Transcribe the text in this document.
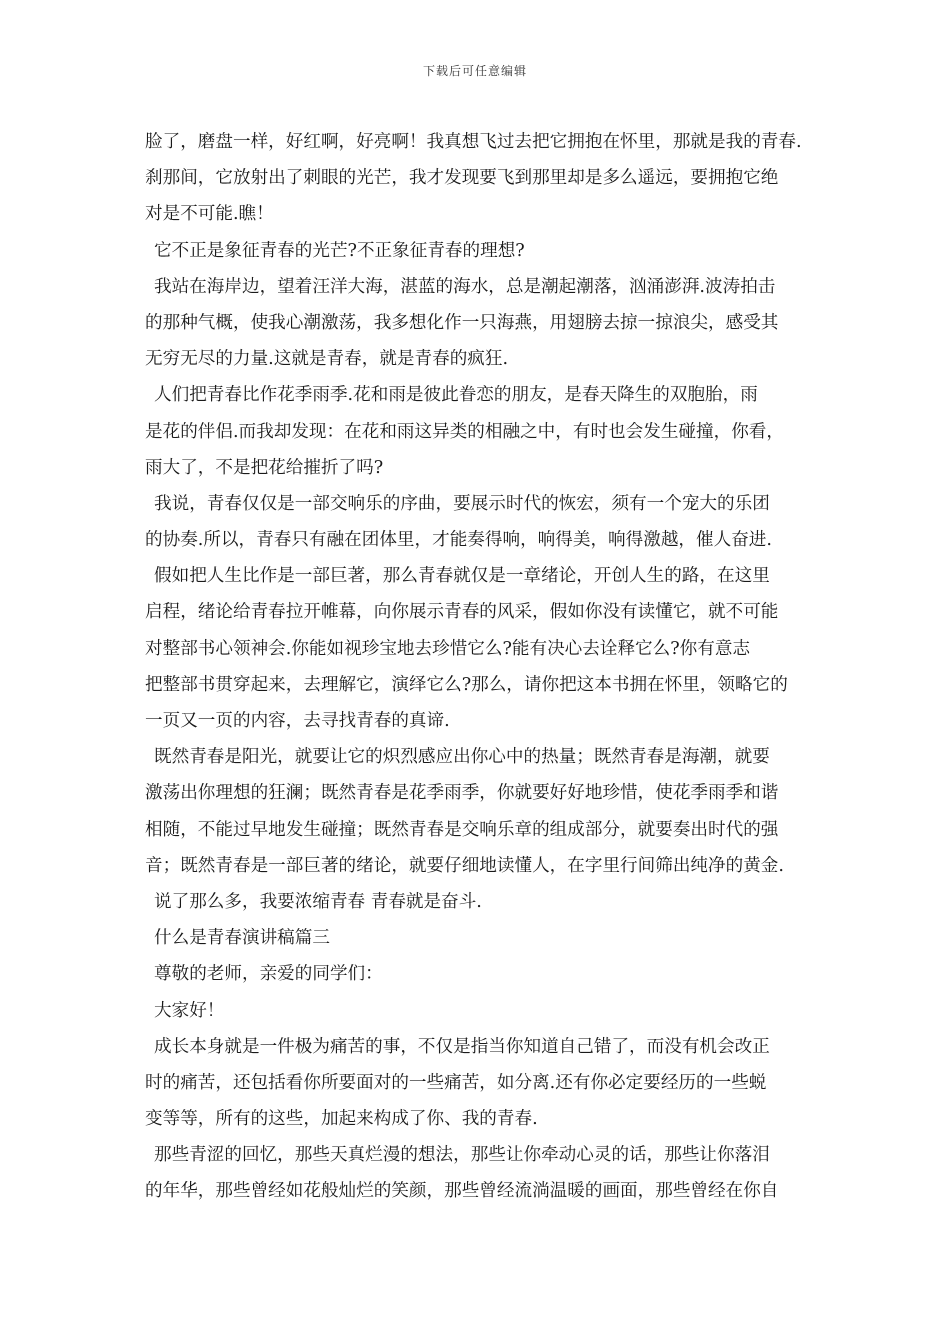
下载后可任意编辑
脸了，磨盘一样，好红啊，好亮啊！我真想飞过去把它拥抱在怀里，那就是我的青春.
刹那间，它放射出了刺眼的光芒，我才发现要飞到那里却是多么遥远，要拥抱它绝
对是不可能.瞧！
它不正是象征青春的光芒?不正象征青春的理想?
我站在海岸边，望着汪洋大海，湛蓝的海水，总是潮起潮落，汹涌澎湃.波涛拍击
的那种气概，使我心潮激荡，我多想化作一只海燕，用翅膀去掠一掠浪尖，感受其
无穷无尽的力量.这就是青春，就是青春的疯狂.
人们把青春比作花季雨季.花和雨是彼此眷恋的朋友，是春天降生的双胞胎，雨
是花的伴侣.而我却发现：在花和雨这异类的相融之中，有时也会发生碰撞，你看，
雨大了，不是把花给摧折了吗?
我说，青春仅仅是一部交响乐的序曲，要展示时代的恢宏，须有一个宠大的乐团
的协奏.所以，青春只有融在团体里，才能奏得响，响得美，响得激越，催人奋进.
假如把人生比作是一部巨著，那么青春就仅是一章绪论，开创人生的路，在这里
启程，绪论给青春拉开帷幕，向你展示青春的风采，假如你没有读懂它，就不可能
对整部书心领神会.你能如视珍宝地去珍惜它么?能有决心去诠释它么?你有意志
把整部书贯穿起来，去理解它，演绎它么?那么，请你把这本书拥在怀里，领略它的
一页又一页的内容，去寻找青春的真谛.
既然青春是阳光，就要让它的炽烈感应出你心中的热量；既然青春是海潮，就要
激荡出你理想的狂澜；既然青春是花季雨季，你就要好好地珍惜，使花季雨季和谐
相随，不能过早地发生碰撞；既然青春是交响乐章的组成部分，就要奏出时代的强
音；既然青春是一部巨著的绪论，就要仔细地读懂人，在字里行间筛出纯净的黄金.
说了那么多，我要浓缩青春 青春就是奋斗.
什么是青春演讲稿篇三
尊敬的老师，亲爱的同学们：
大家好！
成长本身就是一件极为痛苦的事，不仅是指当你知道自己错了，而没有机会改正
时的痛苦，还包括看你所要面对的一些痛苦，如分离.还有你必定要经历的一些蜕
变等等，所有的这些，加起来构成了你、我的青春.
那些青涩的回忆，那些天真烂漫的想法，那些让你牵动心灵的话，那些让你落泪
的年华，那些曾经如花般灿烂的笑颜，那些曾经流淌温暖的画面，那些曾经在你自
